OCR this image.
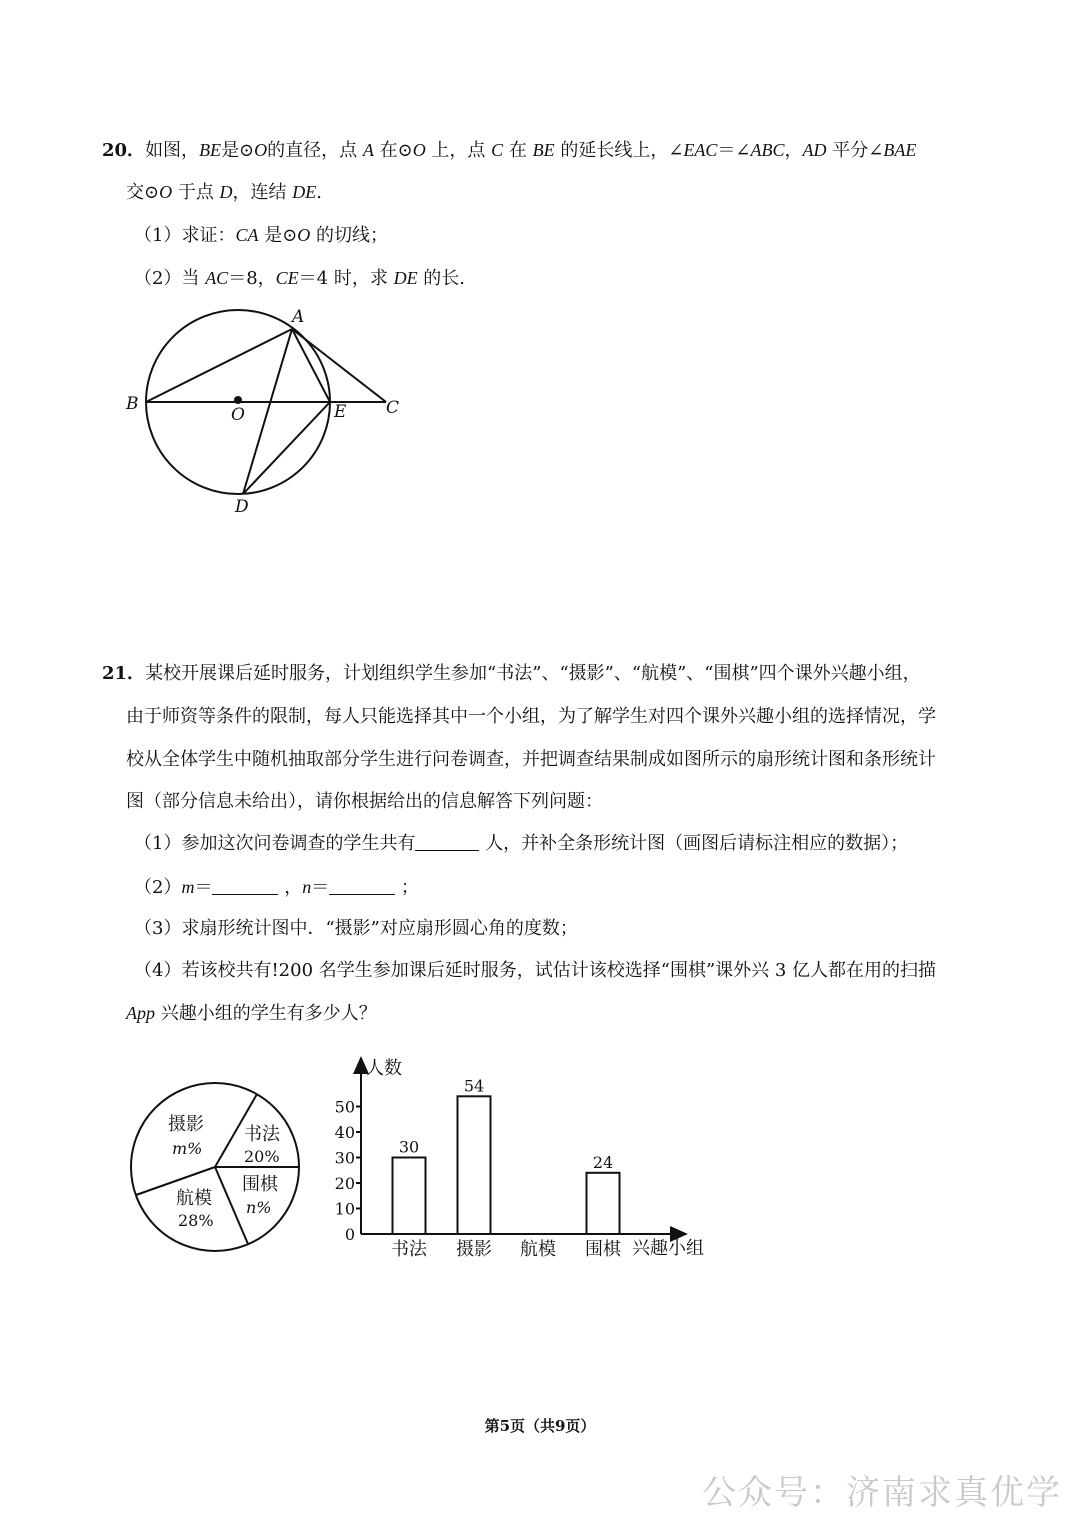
20．如图，BE是⊙O的直径，点 A 在⊙O 上，点 C 在 BE 的延长线上，∠EAC＝∠ABC，AD 平分∠BAE
交⊙O 于点 D，连结 DE.
（1）求证：CA 是⊙O 的切线；
（2）当 AC＝8，CE＝4 时，求 DE 的长.
A
B	C
D
E
O
21．某校开展课后延时服务，计划组织学生参加“书法”、“摄影”、“航模”、“围棋”四个课外兴趣小组，
由于师资等条件的限制，每人只能选择其中一个小组，为了解学生对四个课外兴趣小组的选择情况，学
校从全体学生中随机抽取部分学生进行问卷调查，并把调查结果制成如图所示的扇形统计图和条形统计
图（部分信息未给出），请你根据给出的信息解答下列问题：
（1）参加这次问卷调查的学生共有	人，并补全条形统计图（画图后请标注相应的数据）；
（2）m＝	，n＝	；
（3）求扇形统计图中．“摄影”对应扇形圆心角的度数；
（4）若该校共有!200 名学生参加课后延时服务，试估计该校选择“围棋”课外兴 3 亿人都在用的扫描
App 兴趣小组的学生有多少人？
摄影
m%
书法
20%
围棋
n%
航模
28%
人数
兴趣小组
0
10
20
30
40
50
30
书法
54
摄影 航模
24
围棋
第5页（共9页）
公众号：济南求真优学
